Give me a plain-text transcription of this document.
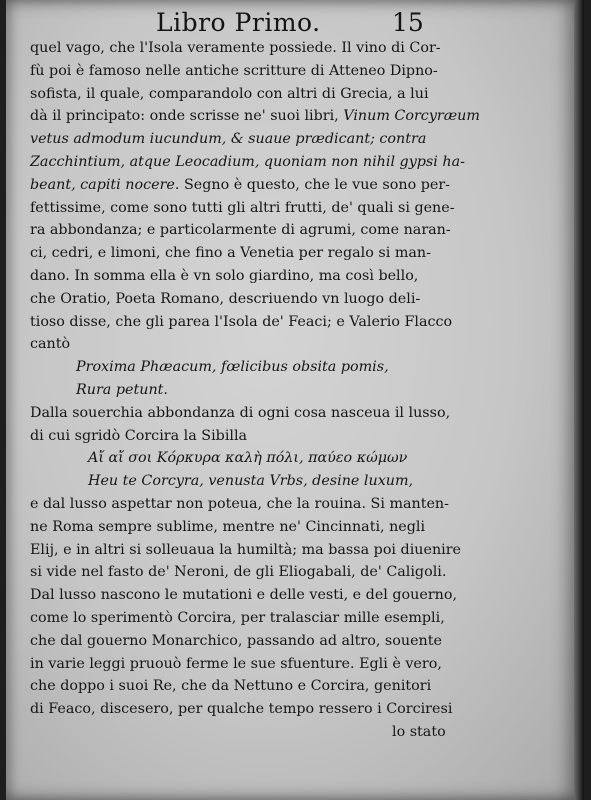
Libro Primo.	15
quel vago, che l'Isola veramente possiede. Il vino di Cor-
fù poi è famoso nelle antiche scritture di Atteneo Dipno-
sofista, il quale, comparandolo con altri di Grecia, a lui
dà il principato: onde scrisse ne' suoi libri, Vinum Corcyræum
vetus admodum iucundum, & suaue prædicant; contra
Zacchintium, atque Leocadium, quoniam non nihil gypsi ha-
beant, capiti nocere. Segno è questo, che le vue sono per-
fettissime, come sono tutti gli altri frutti, de' quali si gene-
ra abbondanza; e particolarmente di agrumi, come naran-
ci, cedri, e limoni, che fino a Venetia per regalo si man-
dano. In somma ella è vn solo giardino, ma così bello,
che Oratio, Poeta Romano, descriuendo vn luogo deli-
tioso disse, che gli parea l'Isola de' Feaci; e Valerio Flacco
cantò
Proxima Phæacum, fœlicibus obsita pomis,
Rura petunt.
Dalla souerchia abbondanza di ogni cosa nasceua il lusso,
di cui sgridò Corcira la Sibilla
Αἴ αἴ σοι Κόρκυρα καλὴ πόλι, παύεο κώμων
Heu te Corcyra, venusta Vrbs, desine luxum,
e dal lusso aspettar non poteua, che la rouina. Si manten-
ne Roma sempre sublime, mentre ne' Cincinnati, negli
Elij, e in altri si solleuaua la humiltà; ma bassa poi diuenire
si vide nel fasto de' Neroni, de gli Eliogabali, de' Caligoli.
Dal lusso nascono le mutationi e delle vesti, e del gouerno,
come lo sperimentò Corcira, per tralasciar mille esempli,
che dal gouerno Monarchico, passando ad altro, souente
in varie leggi pruouò ferme le sue sfuenture. Egli è vero,
che doppo i suoi Re, che da Nettuno e Corcira, genitori
di Feaco, discesero, per qualche tempo ressero i Corciresi
lo stato
